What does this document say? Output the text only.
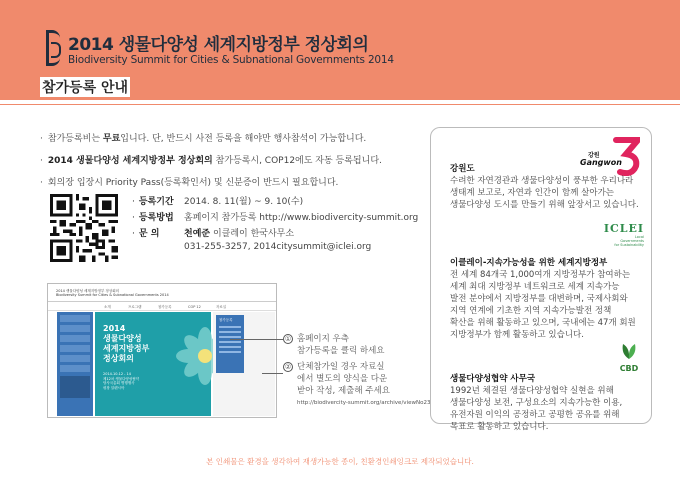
2014 생물다양성 세계지방정부 정상회의
Biodiversity Summit for Cities & Subnational Governments 2014
참가등록 안내
· 참가등록비는 무료입니다. 단, 반드시 사전 등록을 해야만 행사참석이 가능합니다.
· 2014 생물다양성 세계지방정부 정상회의 참가등록시, COP12에도 자동 등록됩니다.
· 회의장 입장시 Priority Pass(등록확인서) 및 신분증이 반드시 필요합니다.
· 등록기간 2014. 8. 11(월) ~ 9. 10(수)
· 등록방법 홈페이지 참가등록 http://www.biodivercity-summit.org
· 문 의	천예준 이클레이 한국사무소
031-255-3257, 2014citysummit@iclei.org
2014 생물다양성 세계지방정부 정상회의
Biodiversity Summit for Cities & Subnational Governments 2014
소개	프로그램	참가등록	COP 12	자료실
2014
생물다양성
세계지방정부
정상회의
2014.10.12 - 14
제12차 생물다양성협약
당사국총회 병행행사
평창 알펜시아
참가등록
① 홈페이지 우측
참가등록을 클릭 하세요
② 단체참가일 경우 자료실
에서 별도의 양식을 다운
받아 작성, 제출해 주세요
http://biodivercity-summit.org/archive/viewNo23
강원
Gangwon
강원도
수려한 자연경관과 생물다양성이 풍부한 우리나라
생태계 보고로, 자연과 인간이 함께 살아가는
생물다양성 도시를 만들기 위해 앞장서고 있습니다.
ICLEI
Local
Governments
for Sustainability
이클레이-지속가능성을 위한 세계지방정부
전 세계 84개국 1,000여개 지방정부가 참여하는
세계 최대 지방정부 네트워크로 세계 지속가능
발전 분야에서 지방정부를 대변하며, 국제사회와
지역 연계에 기초한 지역 지속가능발전 정책
확산을 위해 활동하고 있으며, 국내에는 47개 회원
지방정부가 함께 활동하고 있습니다.
CBD
생물다양성협약 사무국
1992년 체결된 생물다양성협약 실현을 위해
생물다양성 보전, 구성요소의 지속가능한 이용,
유전자원 이익의 공정하고 공평한 공유를 위해
목표로 활동하고 있습니다.
본 인쇄물은 환경을 생각하여 재생가능한 종이, 친환경인쇄잉크로 제작되었습니다.
